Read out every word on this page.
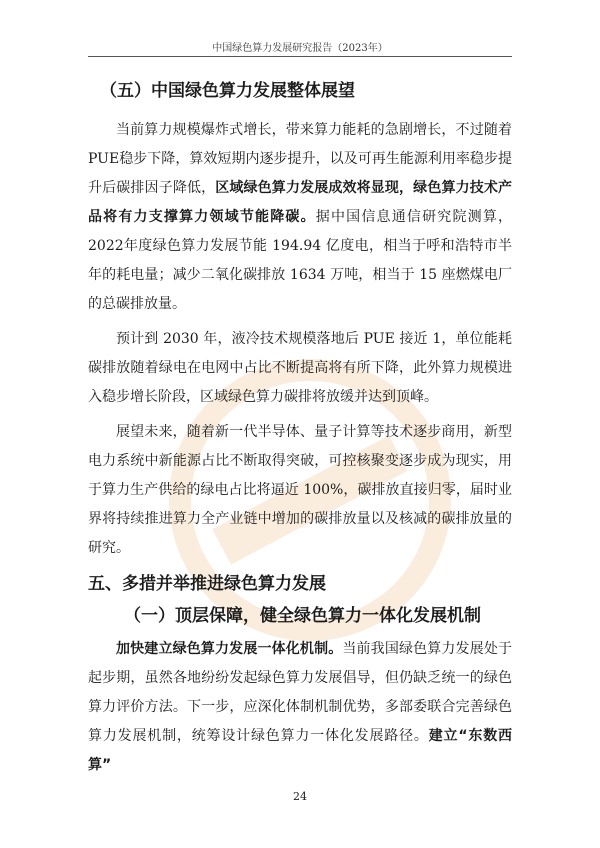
中国绿色算力发展研究报告（2023年）
（五）中国绿色算力发展整体展望

当前算力规模爆炸式增长，带来算力能耗的急剧增长，不过随着PUE稳步下降，算效短期内逐步提升，以及可再生能源利用率稳步提升后碳排因子降低，区域绿色算力发展成效将显现，绿色算力技术产品将有力支撑算力领域节能降碳。据中国信息通信研究院测算，2022年度绿色算力发展节能 194.94 亿度电，相当于呼和浩特市半年的耗电量；减少二氧化碳排放 1634 万吨，相当于 15 座燃煤电厂的总碳排放量。

预计到 2030 年，液冷技术规模落地后 PUE 接近 1，单位能耗碳排放随着绿电在电网中占比不断提高将有所下降，此外算力规模进入稳步增长阶段，区域绿色算力碳排将放缓并达到顶峰。

展望未来，随着新一代半导体、量子计算等技术逐步商用，新型电力系统中新能源占比不断取得突破，可控核聚变逐步成为现实，用于算力生产供给的绿电占比将逼近 100%，碳排放直接归零，届时业界将持续推进算力全产业链中增加的碳排放量以及核减的碳排放量的研究。

五、多措并举推进绿色算力发展
（一）顶层保障，健全绿色算力一体化发展机制

加快建立绿色算力发展一体化机制。当前我国绿色算力发展处于起步期，虽然各地纷纷发起绿色算力发展倡导，但仍缺乏统一的绿色算力评价方法。下一步，应深化体制机制优势，多部委联合完善绿色算力发展机制，统筹设计绿色算力一体化发展路径。建立“东数西算”

24
